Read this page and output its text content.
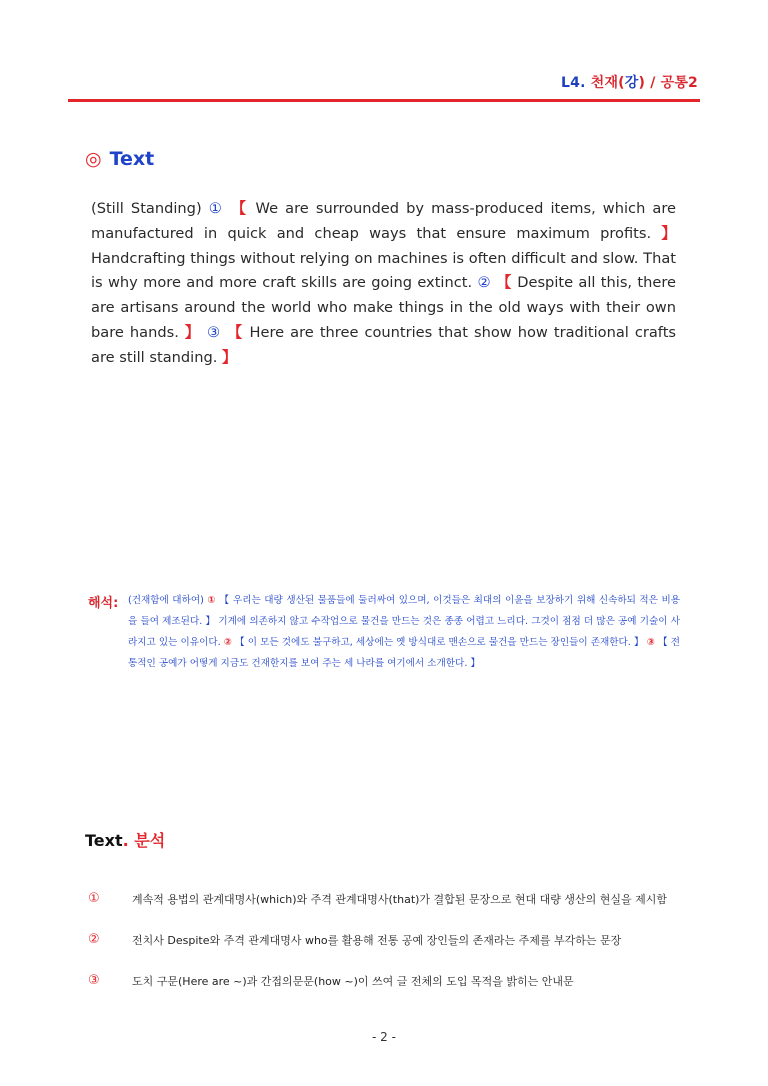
L4. 천재(강) / 공통2
◎ Text
(Still Standing) ① 【 We are surrounded by mass-produced items, which are manufactured in quick and cheap ways that ensure maximum profits. 】 Handcrafting things without relying on machines is often difficult and slow. That is why more and more craft skills are going extinct. ② 【 Despite all this, there are artisans around the world who make things in the old ways with their own bare hands. 】 ③ 【 Here are three countries that show how traditional crafts are still standing. 】
해석: (건재함에 대하여) ① 【 우리는 대량 생산된 물품들에 둘러싸여 있으며, 이것들은 최대의 이윤을 보장하기 위해 신속하되 적은 비용을 들여 제조된다. 】 기계에 의존하지 않고 수작업으로 물건을 만드는 것은 종종 어렵고 느리다. 그것이 점점 더 많은 공예 기술이 사라지고 있는 이유이다. ② 【 이 모든 것에도 불구하고, 세상에는 옛 방식대로 맨손으로 물건을 만드는 장인들이 존재한다. 】 ③ 【 전통적인 공예가 어떻게 지금도 건재한지를 보여 주는 세 나라를 여기에서 소개한다. 】
Text. 분석
①	계속적 용법의 관계대명사(which)와 주격 관계대명사(that)가 결합된 문장으로 현대 대량 생산의 현실을 제시함
②	전치사 Despite와 주격 관계대명사 who를 활용해 전통 공예 장인들의 존재라는 주제를 부각하는 문장
③	도치 구문(Here are ~)과 간접의문문(how ~)이 쓰여 글 전체의 도입 목적을 밝히는 안내문
- 2 -
